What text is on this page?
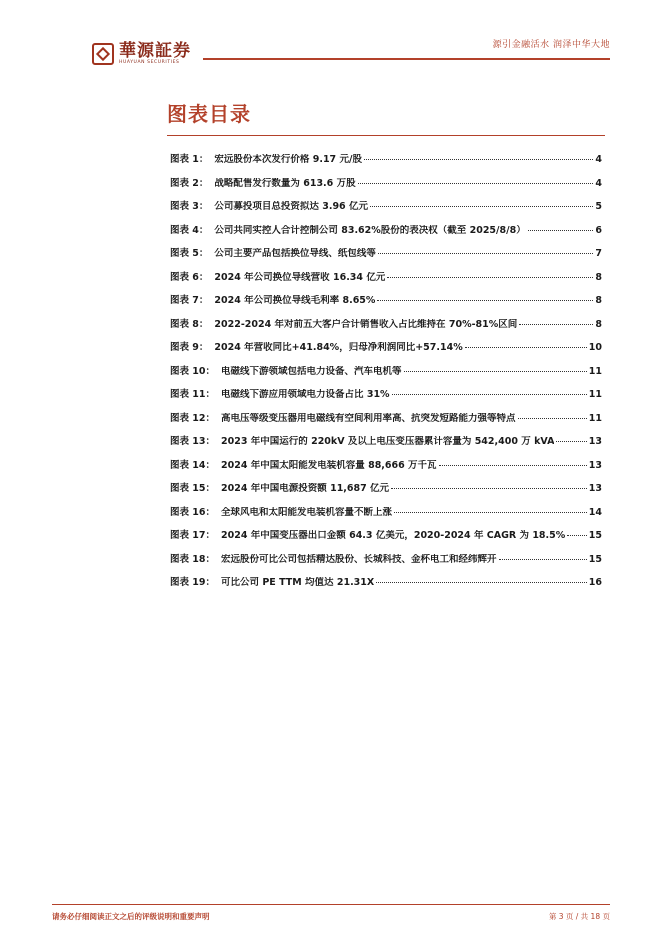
華源証券
HUAYUAN SECURITIES
源引金融活水 润泽中华大地
图表目录
图表 1： 宏远股份本次发行价格 9.17 元/股	4
图表 2： 战略配售发行数量为 613.6 万股	4
图表 3： 公司募投项目总投资拟达 3.96 亿元	5
图表 4： 公司共同实控人合计控制公司 83.62%股份的表决权（截至 2025/8/8）	6
图表 5： 公司主要产品包括换位导线、纸包线等	7
图表 6： 2024 年公司换位导线营收 16.34 亿元	8
图表 7： 2024 年公司换位导线毛利率 8.65%	8
图表 8： 2022-2024 年对前五大客户合计销售收入占比维持在 70%-81%区间	8
图表 9： 2024 年营收同比+41.84%，归母净利润同比+57.14%	10
图表 10： 电磁线下游领域包括电力设备、汽车电机等	11
图表 11： 电磁线下游应用领域电力设备占比 31%	11
图表 12： 高电压等级变压器用电磁线有空间利用率高、抗突发短路能力强等特点	11
图表 13： 2023 年中国运行的 220kV 及以上电压变压器累计容量为 542,400 万 kVA	13
图表 14： 2024 年中国太阳能发电装机容量 88,666 万千瓦	13
图表 15： 2024 年中国电源投资额 11,687 亿元	13
图表 16： 全球风电和太阳能发电装机容量不断上涨	14
图表 17： 2024 年中国变压器出口金额 64.3 亿美元，2020-2024 年 CAGR 为 18.5% 15
图表 18： 宏远股份可比公司包括精达股份、长城科技、金杯电工和经纬辉开	15
图表 19： 可比公司 PE TTM 均值达 21.31X	16
请务必仔细阅读正文之后的评级说明和重要声明	第 3 页 / 共 18 页
